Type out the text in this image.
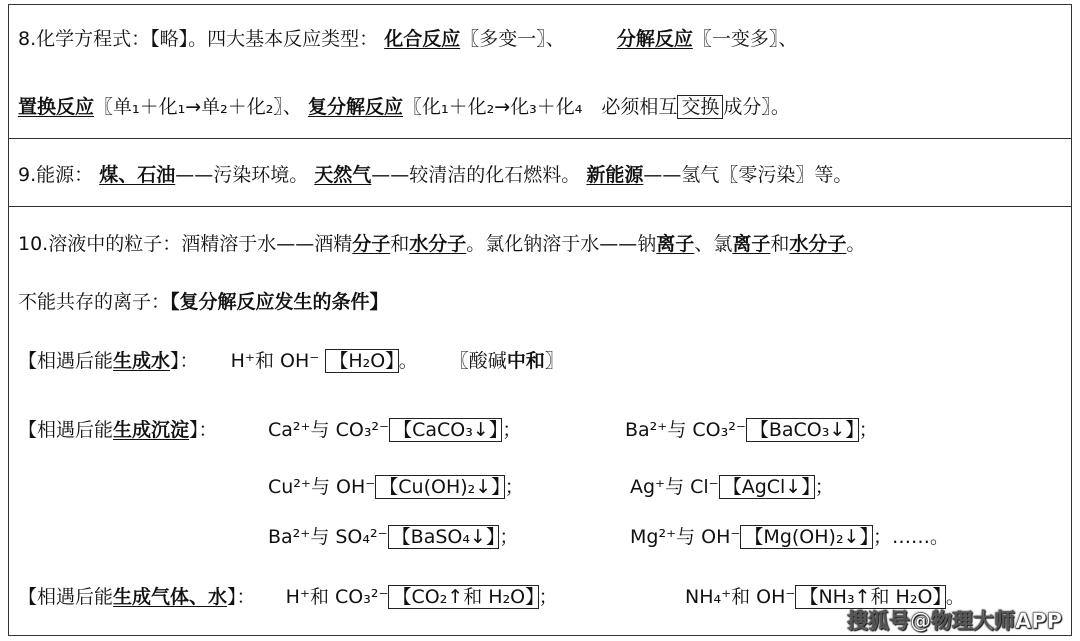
8.化学方程式：【略】。四大基本反应类型： 化合反应〖多变一〗、	分解反应〖一变多〗、
置换反应〖单₁＋化₁→单₂＋化₂〗、 复分解反应〖化₁＋化₂→化₃＋化₄　必须相互 交换 成分〗。
9.能源： 煤、石油——污染环境。 天然气——较清洁的化石燃料。 新能源——氢气〖零污染〗等。
10.溶液中的粒子：酒精溶于水——酒精分子和水分子。氯化钠溶于水——钠离子、氯离子和水分子。
不能共存的离子：【复分解反应发生的条件】
【相遇后能生成水】： H⁺和 OH⁻ 【H₂O】 。 〖酸碱中和〗
【相遇后能生成沉淀】：	Ca²⁺与 CO₃²⁻ 【CaCO₃↓】 ；	Ba²⁺与 CO₃²⁻ 【BaCO₃↓】 ；
Cu²⁺与 OH⁻ 【Cu(OH)₂↓】 ；	Ag⁺与 Cl⁻ 【AgCl↓】 ；
Ba²⁺与 SO₄²⁻ 【BaSO₄↓】 ；	Mg²⁺与 OH⁻ 【Mg(OH)₂↓】 ；……。
【相遇后能生成气体、水】： H⁺和 CO₃²⁻ 【CO₂↑和 H₂O】 ；	NH₄⁺和 OH⁻ 【NH₃↑和 H₂O】 。
搜狐号@物理大师APP
